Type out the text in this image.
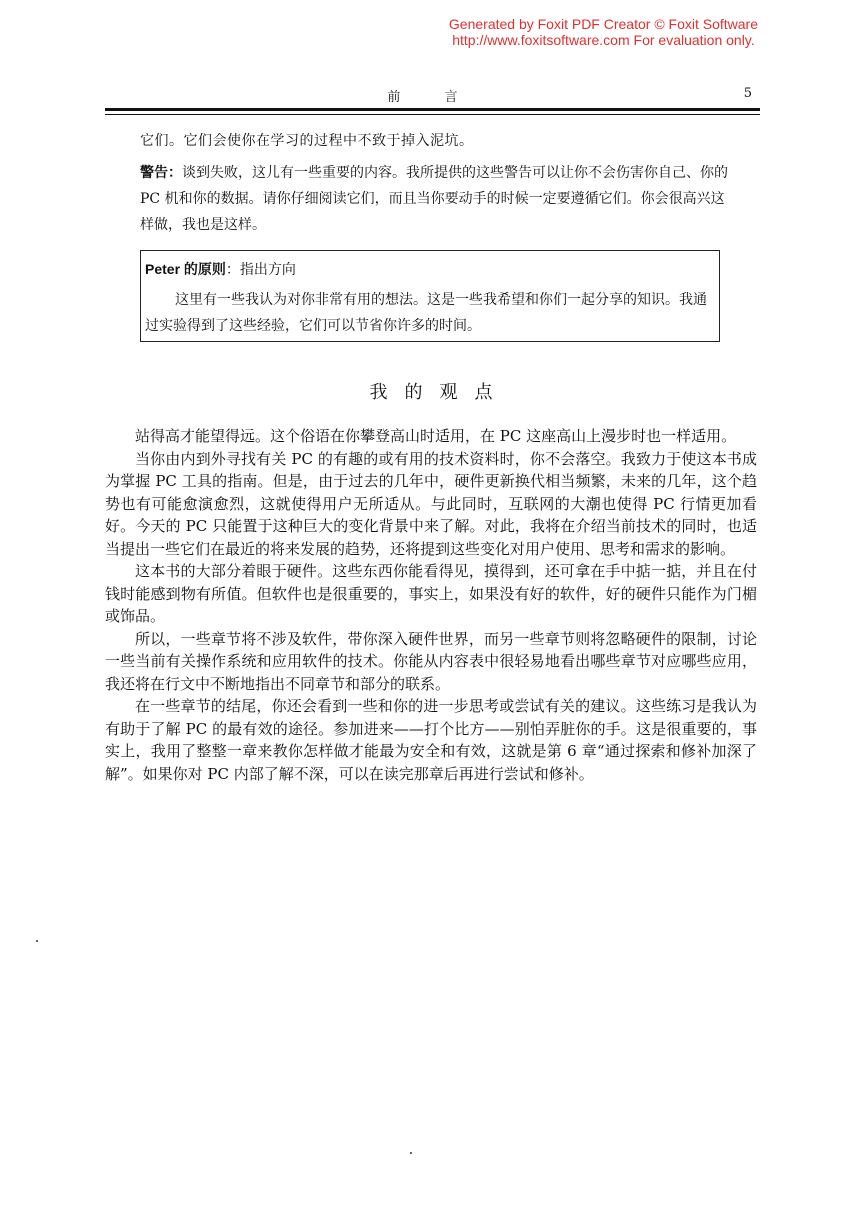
Generated by Foxit PDF Creator © Foxit Software
http://www.foxitsoftware.com For evaluation only.
前 言	5
它们。它们会使你在学习的过程中不致于掉入泥坑。
警告：谈到失败，这儿有一些重要的内容。我所提供的这些警告可以让你不会伤害你自己、你的 PC 机和你的数据。请你仔细阅读它们，而且当你要动手的时候一定要遵循它们。你会很高兴这样做，我也是这样。
Peter 的原则：指出方向
这里有一些我认为对你非常有用的想法。这是一些我希望和你们一起分享的知识。我通过实验得到了这些经验，它们可以节省你许多的时间。
我 的 观 点

站得高才能望得远。这个俗语在你攀登高山时适用，在 PC 这座高山上漫步时也一样适用。

当你由内到外寻找有关 PC 的有趣的或有用的技术资料时，你不会落空。我致力于使这本书成为掌握 PC 工具的指南。但是，由于过去的几年中，硬件更新换代相当频繁，未来的几年，这个趋势也有可能愈演愈烈，这就使得用户无所适从。与此同时，互联网的大潮也使得 PC 行情更加看好。今天的 PC 只能置于这种巨大的变化背景中来了解。对此，我将在介绍当前技术的同时，也适当提出一些它们在最近的将来发展的趋势，还将提到这些变化对用户使用、思考和需求的影响。

这本书的大部分着眼于硬件。这些东西你能看得见，摸得到，还可拿在手中掂一掂，并且在付钱时能感到物有所值。但软件也是很重要的，事实上，如果没有好的软件，好的硬件只能作为门楣或饰品。

所以，一些章节将不涉及软件，带你深入硬件世界，而另一些章节则将忽略硬件的限制，讨论一些当前有关操作系统和应用软件的技术。你能从内容表中很轻易地看出哪些章节对应哪些应用，我还将在行文中不断地指出不同章节和部分的联系。

在一些章节的结尾，你还会看到一些和你的进一步思考或尝试有关的建议。这些练习是我认为有助于了解 PC 的最有效的途径。参加进来——打个比方——别怕弄脏你的手。这是很重要的，事实上，我用了整整一章来教你怎样做才能最为安全和有效，这就是第 6 章“通过探索和修补加深了解”。如果你对 PC 内部了解不深，可以在读完那章后再进行尝试和修补。
